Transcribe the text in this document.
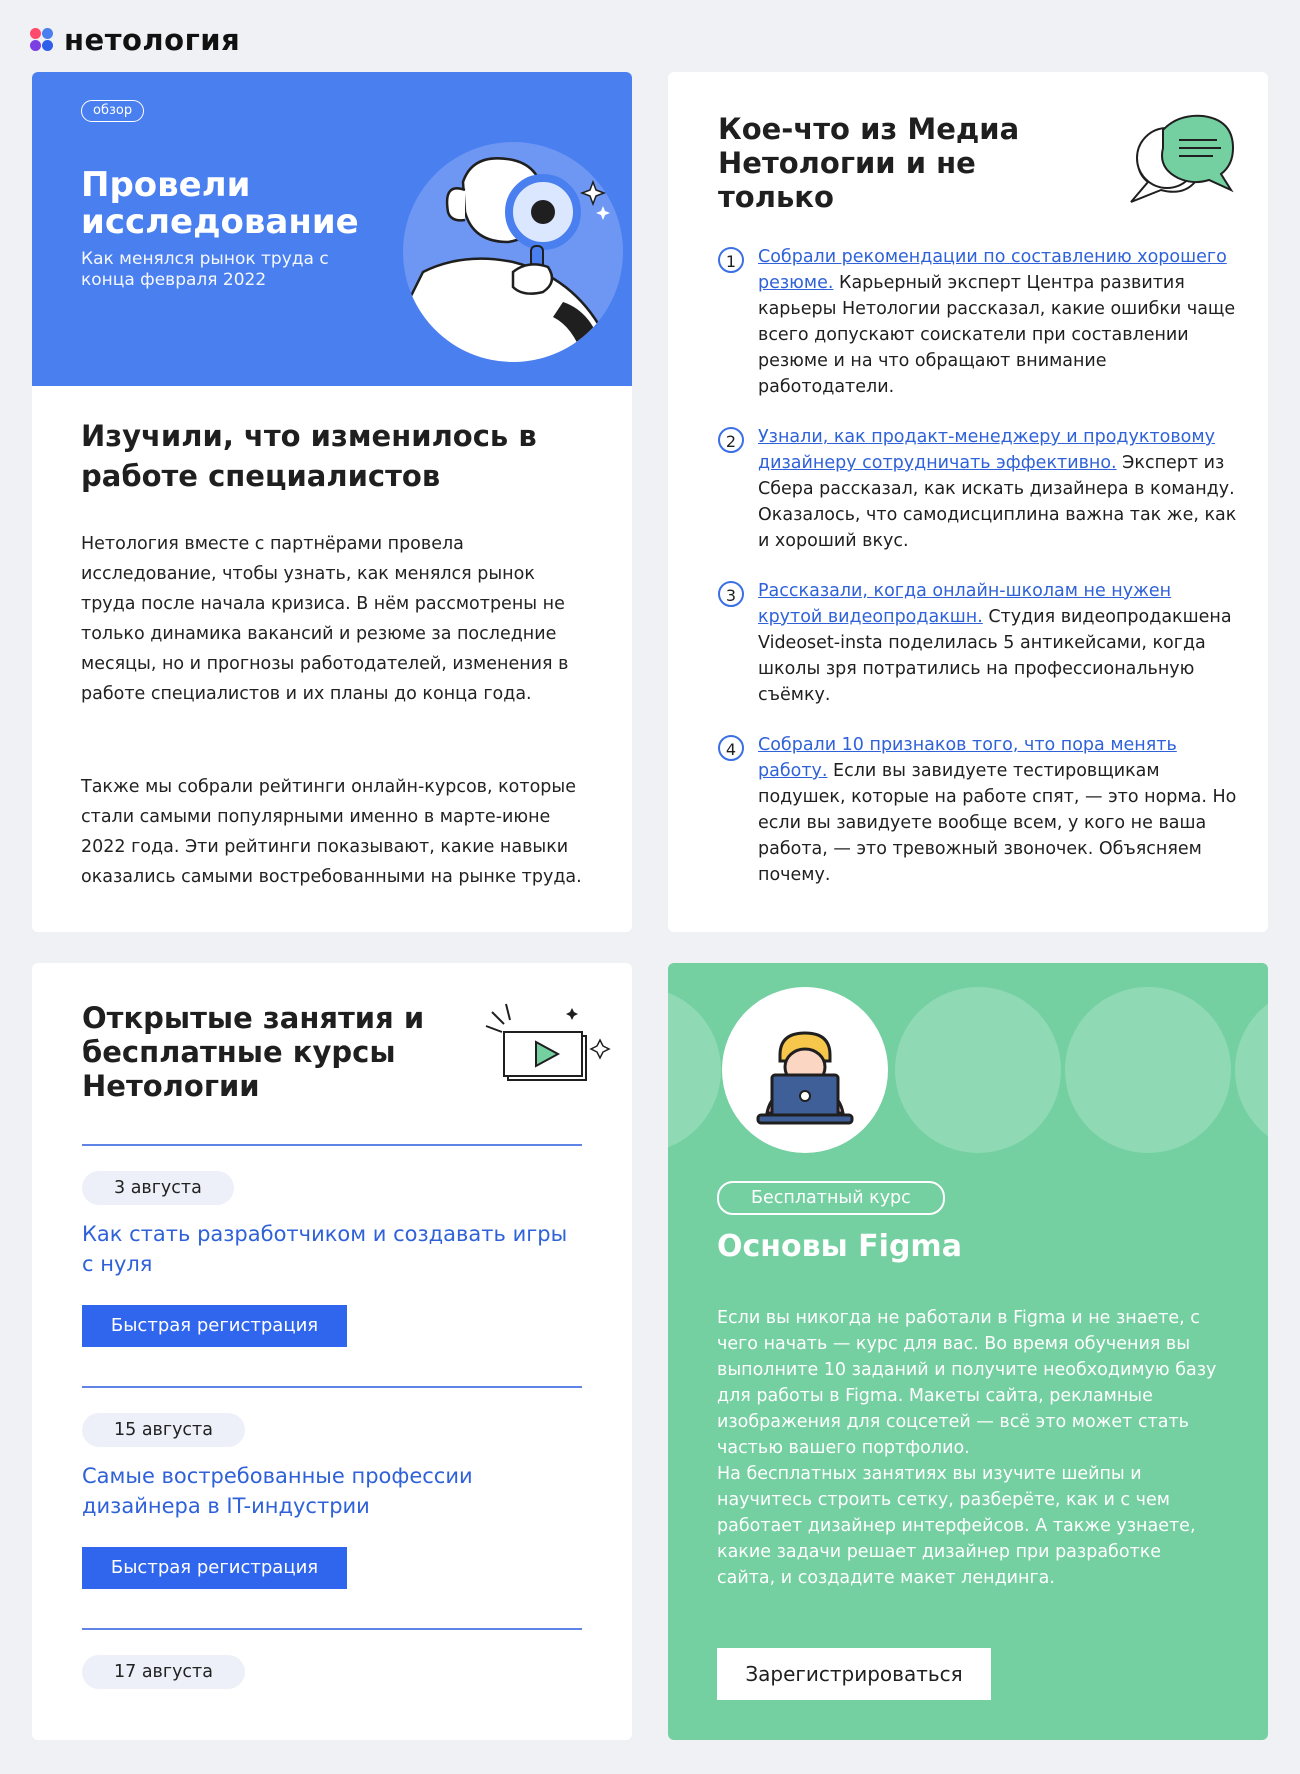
нетология
обзор
Провели исследование
Как менялся рынок труда с конца февраля 2022
Изучили, что изменилось в работе специалистов
Нетология вместе с партнёрами провела исследование, чтобы узнать, как менялся рынок труда после начала кризиса. В нём рассмотрены не только динамика вакансий и резюме за последние месяцы, но и прогнозы работодателей, изменения в работе специалистов и их планы до конца года.
Также мы собрали рейтинги онлайн-курсов, которые стали самыми популярными именно в марте-июне 2022 года. Эти рейтинги показывают, какие навыки оказались самыми востребованными на рынке труда.
Кое-что из Медиа Нетологии и не только
1	Собрали рекомендации по составлению хорошего резюме. Карьерный эксперт Центра развития карьеры Нетологии рассказал, какие ошибки чаще всего допускают соискатели при составлении резюме и на что обращают внимание работодатели.
2	Узнали, как продакт-менеджеру и продуктовому дизайнеру сотрудничать эффективно. Эксперт из Сбера рассказал, как искать дизайнера в команду. Оказалось, что самодисциплина важна так же, как и хороший вкус.
3	Рассказали, когда онлайн-школам не нужен крутой видеопродакшн. Студия видеопродакшена Videoset-insta поделилась 5 антикейсами, когда школы зря потратились на профессиональную съёмку.
4	Собрали 10 признаков того, что пора менять работу. Если вы завидуете тестировщикам подушек, которые на работе спят, — это норма. Но если вы завидуете вообще всем, у кого не ваша работа, — это тревожный звоночек. Объясняем почему.
Открытые занятия и бесплатные курсы Нетологии
3 августа
Как стать разработчиком и создавать игры с нуля
Быстрая регистрация
15 августа
Самые востребованные профессии дизайнера в IT-индустрии
Быстрая регистрация
17 августа
Бесплатный курс
Основы Figma
Если вы никогда не работали в Figma и не знаете, с чего начать — курс для вас. Во время обучения вы выполните 10 заданий и получите необходимую базу для работы в Figma. Макеты сайта, рекламные изображения для соцсетей — всё это может стать частью вашего портфолио.
На бесплатных занятиях вы изучите шейпы и научитесь строить сетку, разберёте, как и с чем работает дизайнер интерфейсов. А также узнаете, какие задачи решает дизайнер при разработке сайта, и создадите макет лендинга.
Зарегистрироваться
